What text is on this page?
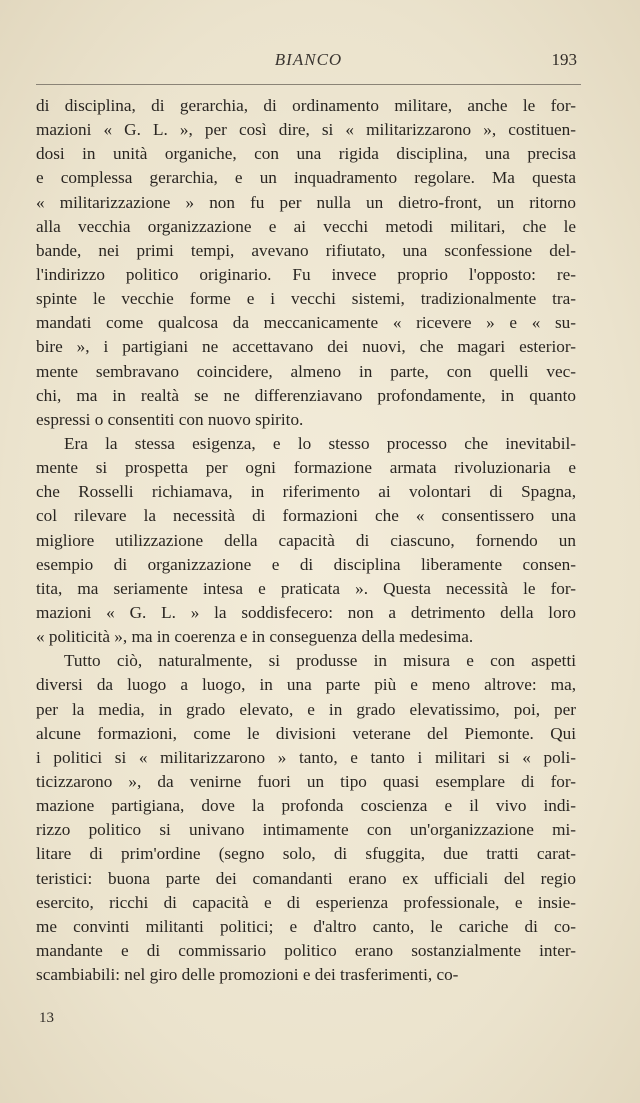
BIANCO	193
di disciplina, di gerarchia, di ordinamento militare, anche le for-
mazioni « G. L. », per così dire, si « militarizzarono », costituen-
dosi in unità organiche, con una rigida disciplina, una precisa
e complessa gerarchia, e un inquadramento regolare. Ma questa
« militarizzazione » non fu per nulla un dietro-front, un ritorno
alla vecchia organizzazione e ai vecchi metodi militari, che le
bande, nei primi tempi, avevano rifiutato, una sconfessione del-
l'indirizzo politico originario. Fu invece proprio l'opposto: re-
spinte le vecchie forme e i vecchi sistemi, tradizionalmente tra-
mandati come qualcosa da meccanicamente « ricevere » e « su-
bire », i partigiani ne accettavano dei nuovi, che magari esterior-
mente sembravano coincidere, almeno in parte, con quelli vec-
chi, ma in realtà se ne differenziavano profondamente, in quanto
espressi o consentiti con nuovo spirito.
Era la stessa esigenza, e lo stesso processo che inevitabil-
mente si prospetta per ogni formazione armata rivoluzionaria e
che Rosselli richiamava, in riferimento ai volontari di Spagna,
col rilevare la necessità di formazioni che « consentissero una
migliore utilizzazione della capacità di ciascuno, fornendo un
esempio di organizzazione e di disciplina liberamente consen-
tita, ma seriamente intesa e praticata ». Questa necessità le for-
mazioni « G. L. » la soddisfecero: non a detrimento della loro
« politicità », ma in coerenza e in conseguenza della medesima.
Tutto ciò, naturalmente, si produsse in misura e con aspetti
diversi da luogo a luogo, in una parte più e meno altrove: ma,
per la media, in grado elevato, e in grado elevatissimo, poi, per
alcune formazioni, come le divisioni veterane del Piemonte. Qui
i politici si « militarizzarono » tanto, e tanto i militari si « poli-
ticizzarono », da venirne fuori un tipo quasi esemplare di for-
mazione partigiana, dove la profonda coscienza e il vivo indi-
rizzo politico si univano intimamente con un'organizzazione mi-
litare di prim'ordine (segno solo, di sfuggita, due tratti carat-
teristici: buona parte dei comandanti erano ex ufficiali del regio
esercito, ricchi di capacità e di esperienza professionale, e insie-
me convinti militanti politici; e d'altro canto, le cariche di co-
mandante e di commissario politico erano sostanzialmente inter-
scambiabili: nel giro delle promozioni e dei trasferimenti, co-
13
